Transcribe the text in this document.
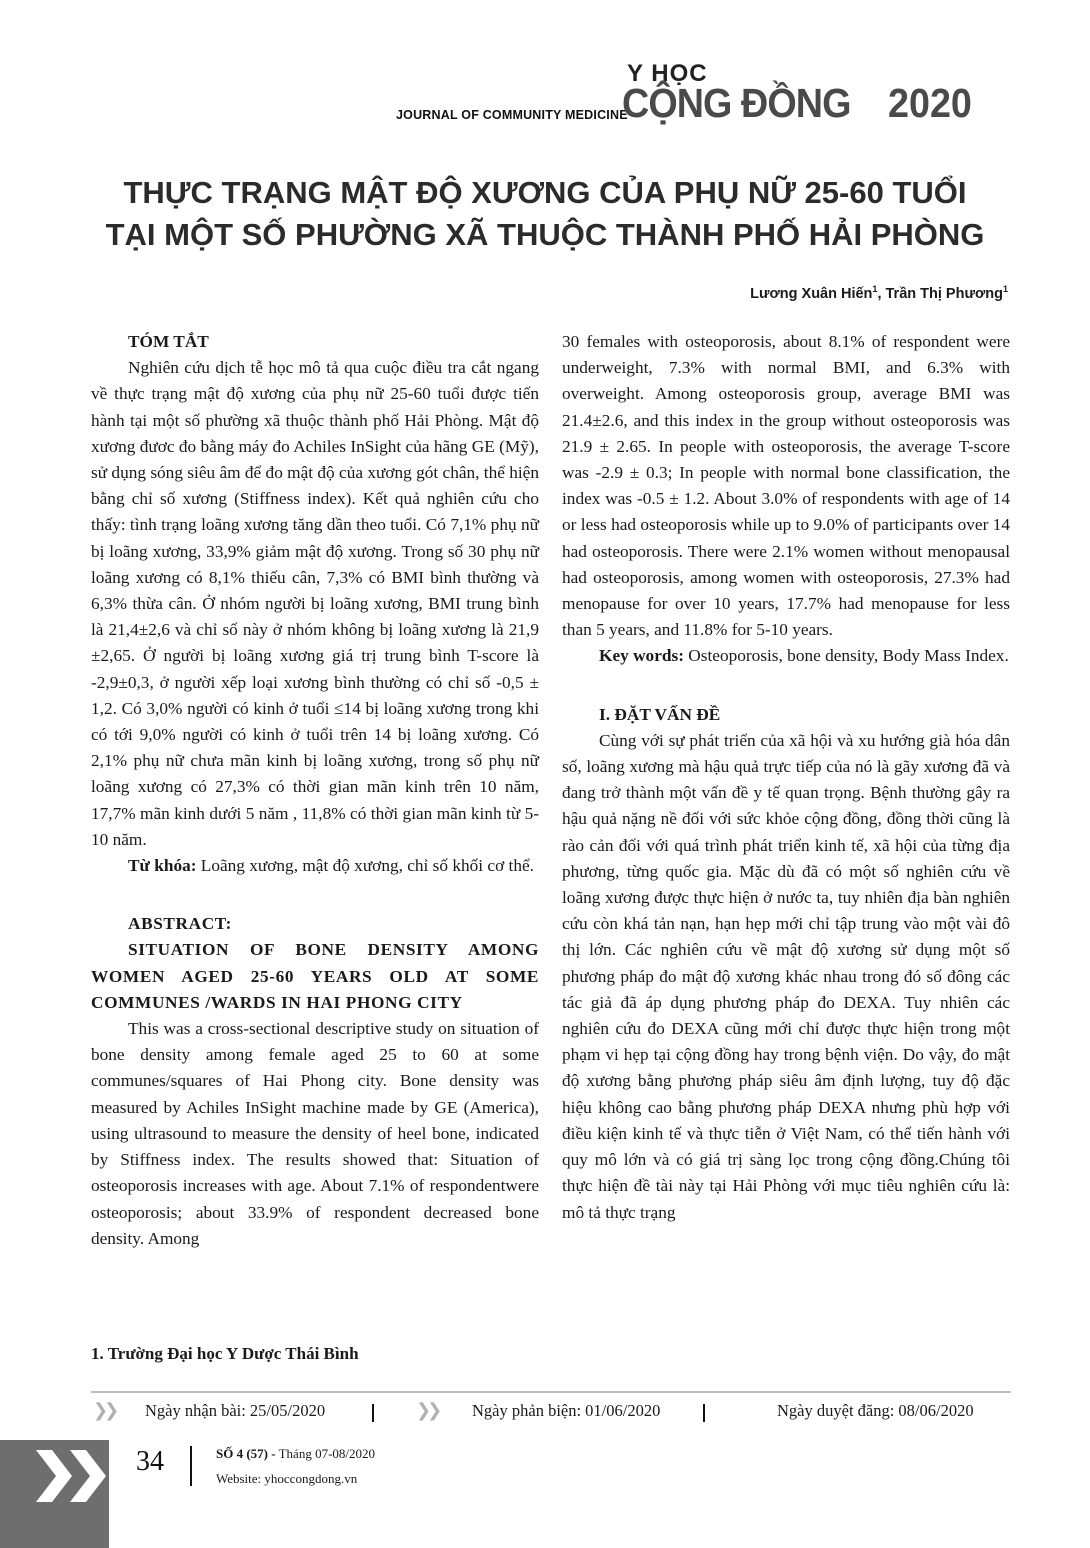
JOURNAL OF COMMUNITY MEDICINE
Y HỌC
CỘNG ĐỒNG 2020
THỰC TRẠNG MẬT ĐỘ XƯƠNG CỦA PHỤ NỮ 25-60 TUỔI
TẠI MỘT SỐ PHƯỜNG XÃ THUỘC THÀNH PHỐ HẢI PHÒNG
Lương Xuân Hiến$^1$, Trần Thị Phương$^1$

TÓM TẮT

Nghiên cứu dịch tễ học mô tả qua cuộc điều tra cắt ngang về thực trạng mật độ xương của phụ nữ 25-60 tuổi được tiến hành tại một số phường xã thuộc thành phố Hải Phòng. Mật độ xương đươc đo bằng máy đo Achiles InSight của hãng GE (Mỹ), sử dụng sóng siêu âm để đo mật độ của xương gót chân, thể hiện bằng chỉ số xương (Stiffness index). Kết quả nghiên cứu cho thấy: tình trạng loãng xương tăng dần theo tuổi. Có 7,1% phụ nữ bị loãng xương, 33,9% giảm mật độ xương. Trong số 30 phụ nữ loãng xương có 8,1% thiếu cân, 7,3% có BMI bình thường và 6,3% thừa cân. Ở nhóm người bị loãng xương, BMI trung bình là 21,4±2,6 và chỉ số này ở nhóm không bị loãng xương là 21,9 ±2,65. Ở người bị loãng xương giá trị trung bình T-score là -2,9±0,3, ở người xếp loại xương bình thường có chỉ số -0,5 ± 1,2. Có 3,0% người có kinh ở tuổi ≤14 bị loãng xương trong khi có tới 9,0% người có kinh ở tuổi trên 14 bị loãng xương. Có 2,1% phụ nữ chưa mãn kinh bị loãng xương, trong số phụ nữ loãng xương có 27,3% có thời gian mãn kinh trên 10 năm, 17,7% mãn kinh dưới 5 năm , 11,8% có thời gian mãn kinh từ 5-10 năm.

Từ khóa: Loãng xương, mật độ xương, chỉ số khối cơ thể.

ABSTRACT:

SITUATION OF BONE DENSITY AMONG WOMEN AGED 25-60 YEARS OLD AT SOME COMMUNES /WARDS IN HAI PHONG CITY

This was a cross-sectional descriptive study on situation of bone density among female aged 25 to 60 at some communes/squares of Hai Phong city. Bone density was measured by Achiles InSight machine made by GE (America), using ultrasound to measure the density of heel bone, indicated by Stiffness index. The results showed that: Situation of osteoporosis increases with age. About 7.1% of respondentwere osteoporosis; about 33.9% of respondent decreased bone density. Among

30 females with osteoporosis, about 8.1% of respondent were underweight, 7.3% with normal BMI, and 6.3% with overweight. Among osteoporosis group, average BMI was 21.4±2.6, and this index in the group without osteoporosis was 21.9 ± 2.65. In people with osteoporosis, the average T-score was -2.9 ± 0.3; In people with normal bone classification, the index was -0.5 ± 1.2. About 3.0% of respondents with age of 14 or less had osteoporosis while up to 9.0% of participants over 14 had osteoporosis. There were 2.1% women without menopausal had osteoporosis, among women with osteoporosis, 27.3% had menopause for over 10 years, 17.7% had menopause for less than 5 years, and 11.8% for 5-10 years.

Key words: Osteoporosis, bone density, Body Mass Index.

I. ĐẶT VẤN ĐỀ

Cùng với sự phát triển của xã hội và xu hướng già hóa dân số, loãng xương mà hậu quả trực tiếp của nó là gãy xương đã và đang trở thành một vấn đề y tế quan trọng. Bệnh thường gây ra hậu quả nặng nề đối với sức khỏe cộng đồng, đồng thời cũng là rào cản đối với quá trình phát triển kinh tế, xã hội của từng địa phương, từng quốc gia. Mặc dù đã có một số nghiên cứu về loãng xương được thực hiện ở nước ta, tuy nhiên địa bàn nghiên cứu còn khá tản nạn, hạn hẹp mới chỉ tập trung vào một vài đô thị lớn. Các nghiên cứu về mật độ xương sử dụng một số phương pháp đo mật độ xương khác nhau trong đó số đông các tác giả đã áp dụng phương pháp đo DEXA. Tuy nhiên các nghiên cứu đo DEXA cũng mới chỉ được thực hiện trong một phạm vi hẹp tại cộng đồng hay trong bệnh viện. Do vậy, đo mật độ xương bằng phương pháp siêu âm định lượng, tuy độ đặc hiệu không cao bằng phương pháp DEXA nhưng phù hợp với điều kiện kinh tế và thực tiễn ở Việt Nam, có thể tiến hành với quy mô lớn và có giá trị sàng lọc trong cộng đồng.Chúng tôi thực hiện đề tài này tại Hải Phòng với mục tiêu nghiên cứu là: mô tả thực trạng

1. Trường Đại học Y Dược Thái Bình
❯❯ Ngày nhận bài: 25/05/2020	❯❯ Ngày phản biện: 01/06/2020	Ngày duyệt đăng: 08/06/2020
34	SỐ 4 (57) - Tháng 07-08/2020
Website: yhoccongdong.vn
